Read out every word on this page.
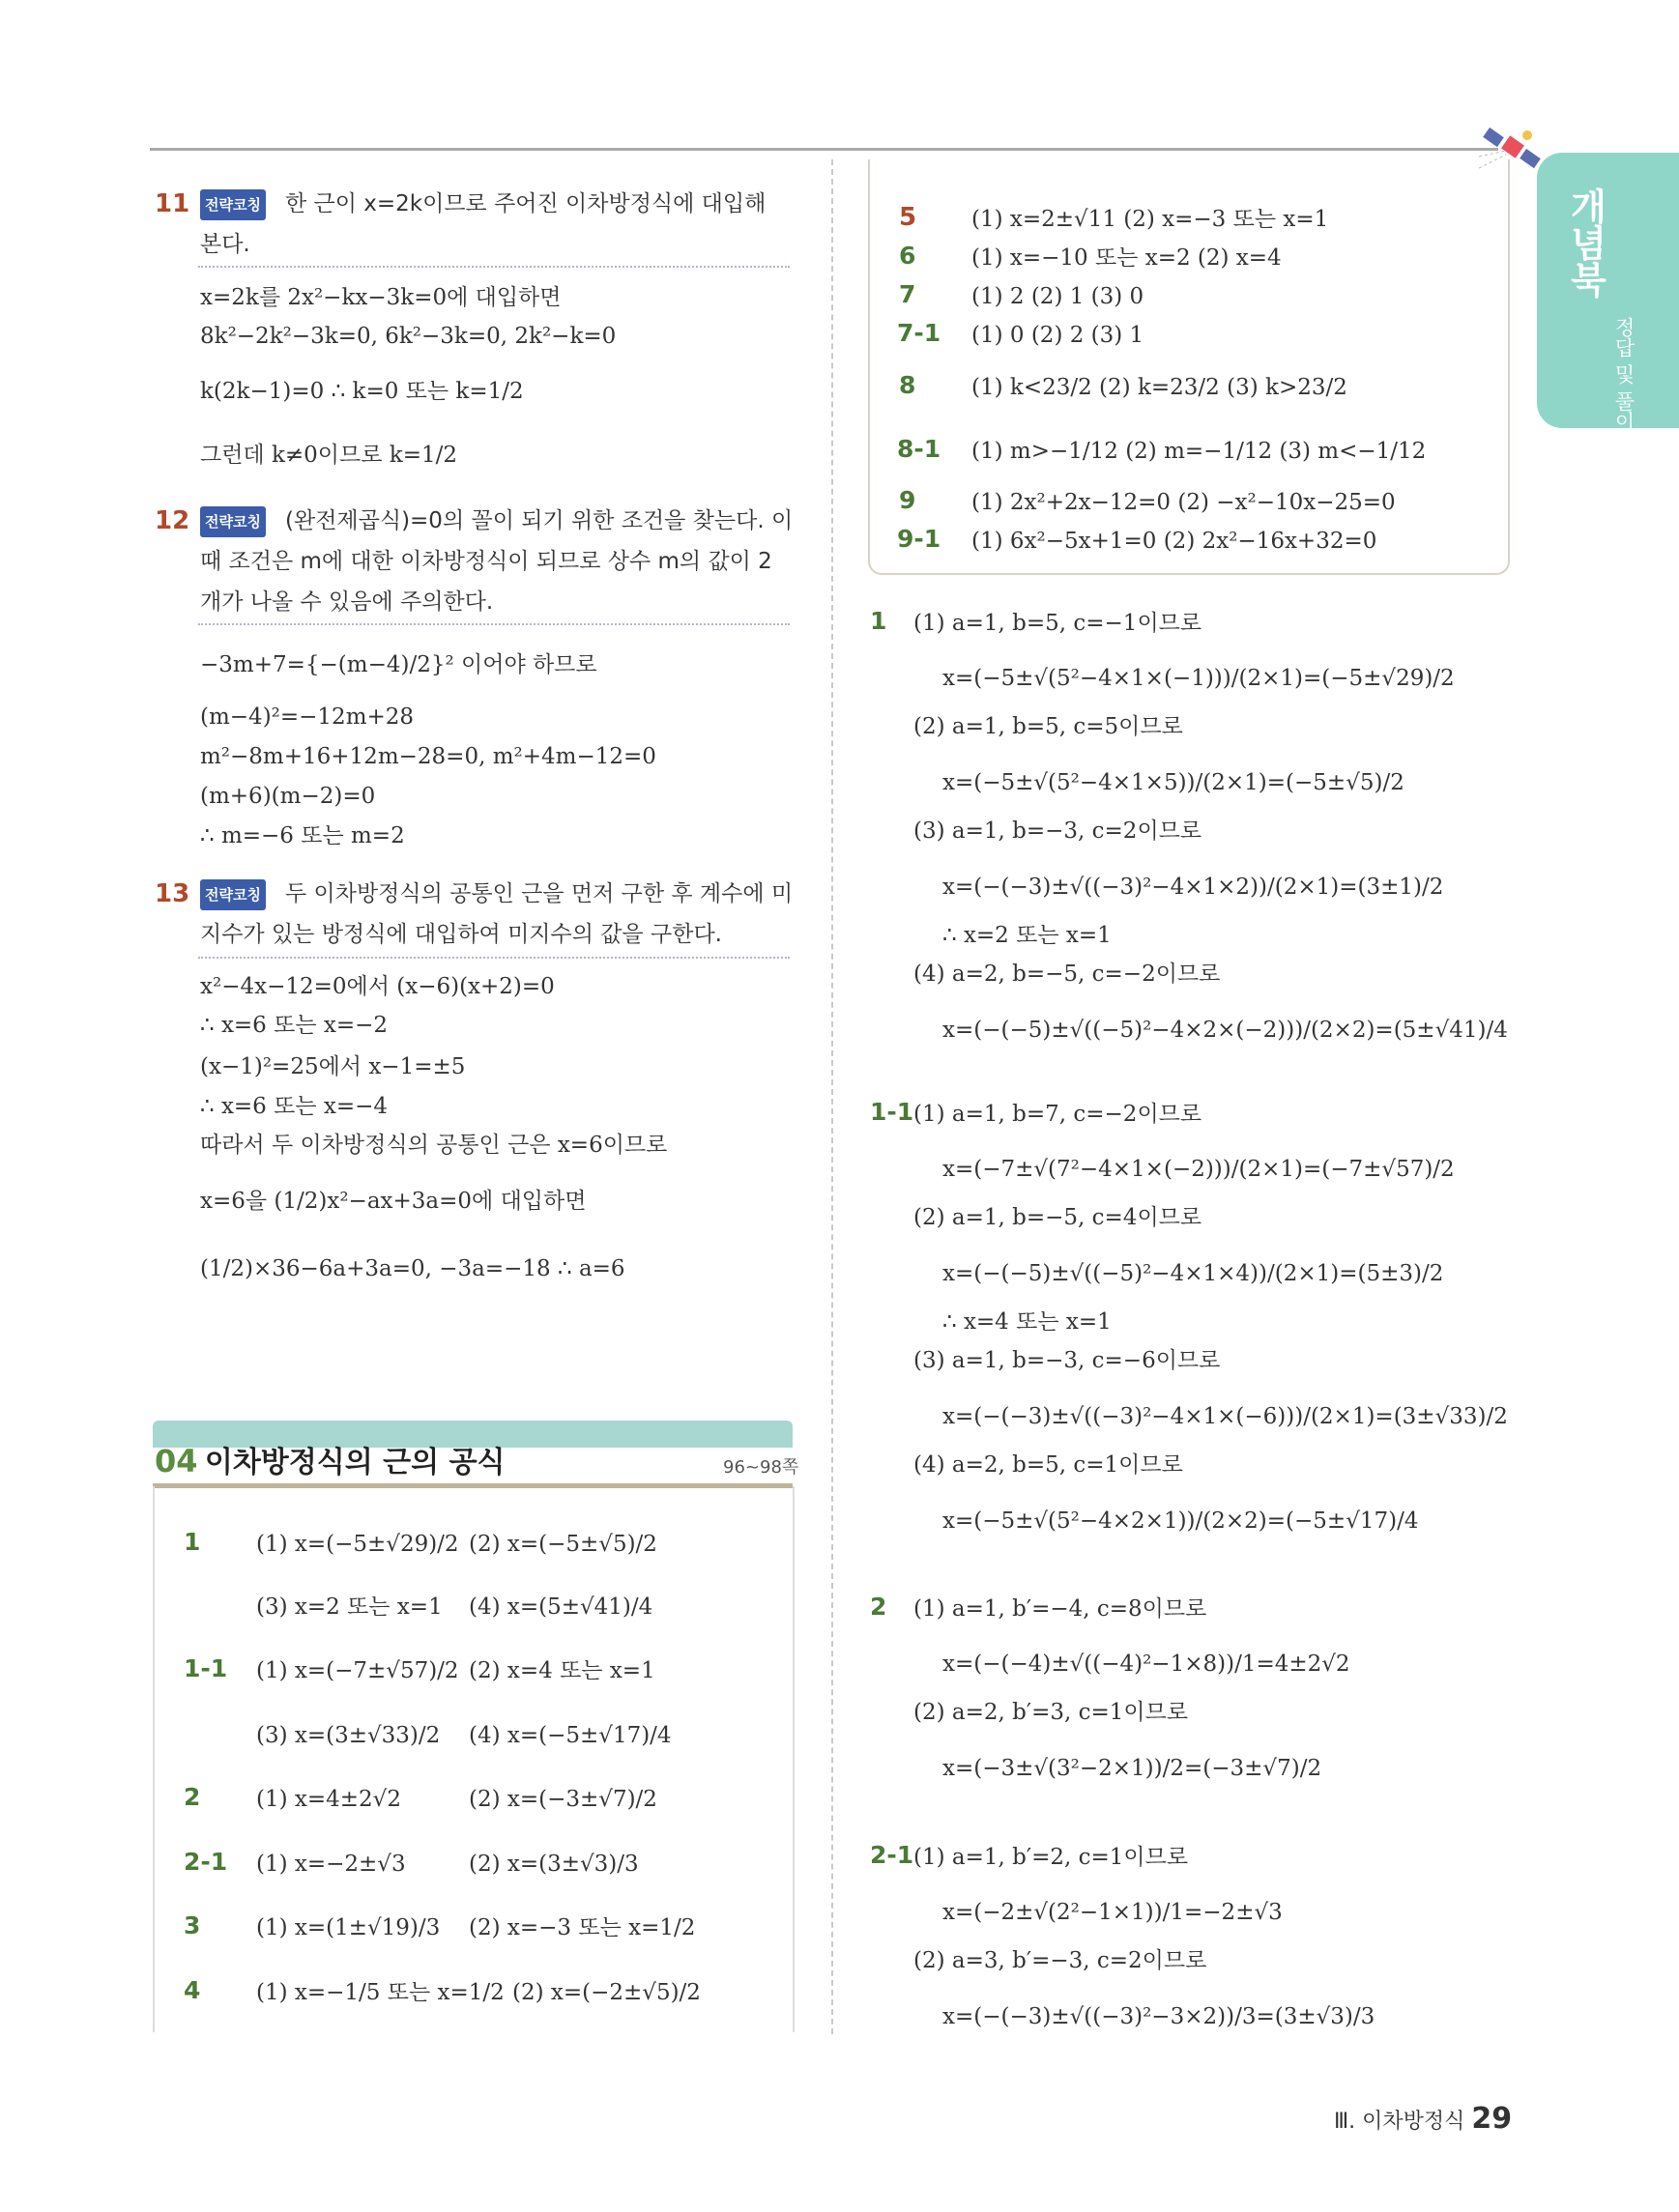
개념북
정답 및 풀이
11	전략코칭 한 근이 x=2k이므로 주어진 이차방정식에 대입해
본다.
x=2k를 2x²−kx−3k=0에 대입하면
8k²−2k²−3k=0, 6k²−3k=0, 2k²−k=0
k(2k−1)=0 ∴ k=0 또는 k=1/2
그런데 k≠0이므로 k=1/2
12	전략코칭 (완전제곱식)=0의 꼴이 되기 위한 조건을 찾는다. 이
때 조건은 m에 대한 이차방정식이 되므로 상수 m의 값이 2
개가 나올 수 있음에 주의한다.
−3m+7={−(m−4)/2}² 이어야 하므로
(m−4)²=−12m+28
m²−8m+16+12m−28=0, m²+4m−12=0
(m+6)(m−2)=0
∴ m=−6 또는 m=2
13	전략코칭 두 이차방정식의 공통인 근을 먼저 구한 후 계수에 미
지수가 있는 방정식에 대입하여 미지수의 값을 구한다.
x²−4x−12=0에서 (x−6)(x+2)=0
∴ x=6 또는 x=−2
(x−1)²=25에서 x−1=±5
∴ x=6 또는 x=−4
따라서 두 이차방정식의 공통인 근은 x=6이므로
x=6을 (1/2)x²−ax+3a=0에 대입하면
(1/2)×36−6a+3a=0, −3a=−18 ∴ a=6
04 이차방정식의 근의 공식	96~98쪽
1	(1) x=(−5±√29)/2 (2) x=(−5±√5)/2
(3) x=2 또는 x=1 (4) x=(5±√41)/4
1-1 (1) x=(−7±√57)/2 (2) x=4 또는 x=1
(3) x=(3±√33)/2 (4) x=(−5±√17)/4
2	(1) x=4±2√2	(2) x=(−3±√7)/2
2-1 (1) x=−2±√3	(2) x=(3±√3)/3
3	(1) x=(1±√19)/3 (2) x=−3 또는 x=1/2
4	(1) x=−1/5 또는 x=1/2 (2) x=(−2±√5)/2
5 (1) x=2±√11 (2) x=−3 또는 x=1
6	(1) x=−10 또는 x=2 (2) x=4
7	(1) 2 (2) 1 (3) 0
7-1 (1) 0 (2) 2 (3) 1
8	(1) k<23/2 (2) k=23/2 (3) k>23/2
8-1 (1) m>−1/12 (2) m=−1/12 (3) m<−1/12
9	(1) 2x²+2x−12=0 (2) −x²−10x−25=0
9-1 (1) 6x²−5x+1=0 (2) 2x²−16x+32=0
1 (1) a=1, b=5, c=−1이므로
x=(−5±√(5²−4×1×(−1)))/(2×1)=(−5±√29)/2
(2) a=1, b=5, c=5이므로
x=(−5±√(5²−4×1×5))/(2×1)=(−5±√5)/2
(3) a=1, b=−3, c=2이므로
x=(−(−3)±√((−3)²−4×1×2))/(2×1)=(3±1)/2
∴ x=2 또는 x=1
(4) a=2, b=−5, c=−2이므로
x=(−(−5)±√((−5)²−4×2×(−2)))/(2×2)=(5±√41)/4
1-1 (1) a=1, b=7, c=−2이므로
x=(−7±√(7²−4×1×(−2)))/(2×1)=(−7±√57)/2
(2) a=1, b=−5, c=4이므로
x=(−(−5)±√((−5)²−4×1×4))/(2×1)=(5±3)/2
∴ x=4 또는 x=1
(3) a=1, b=−3, c=−6이므로
x=(−(−3)±√((−3)²−4×1×(−6)))/(2×1)=(3±√33)/2
(4) a=2, b=5, c=1이므로
x=(−5±√(5²−4×2×1))/(2×2)=(−5±√17)/4
2 (1) a=1, b′=−4, c=8이므로
x=(−(−4)±√((−4)²−1×8))/1=4±2√2
(2) a=2, b′=3, c=1이므로
x=(−3±√(3²−2×1))/2=(−3±√7)/2
2-1 (1) a=1, b′=2, c=1이므로
x=(−2±√(2²−1×1))/1=−2±√3
(2) a=3, b′=−3, c=2이므로
x=(−(−3)±√((−3)²−3×2))/3=(3±√3)/3
Ⅲ. 이차방정식 29
